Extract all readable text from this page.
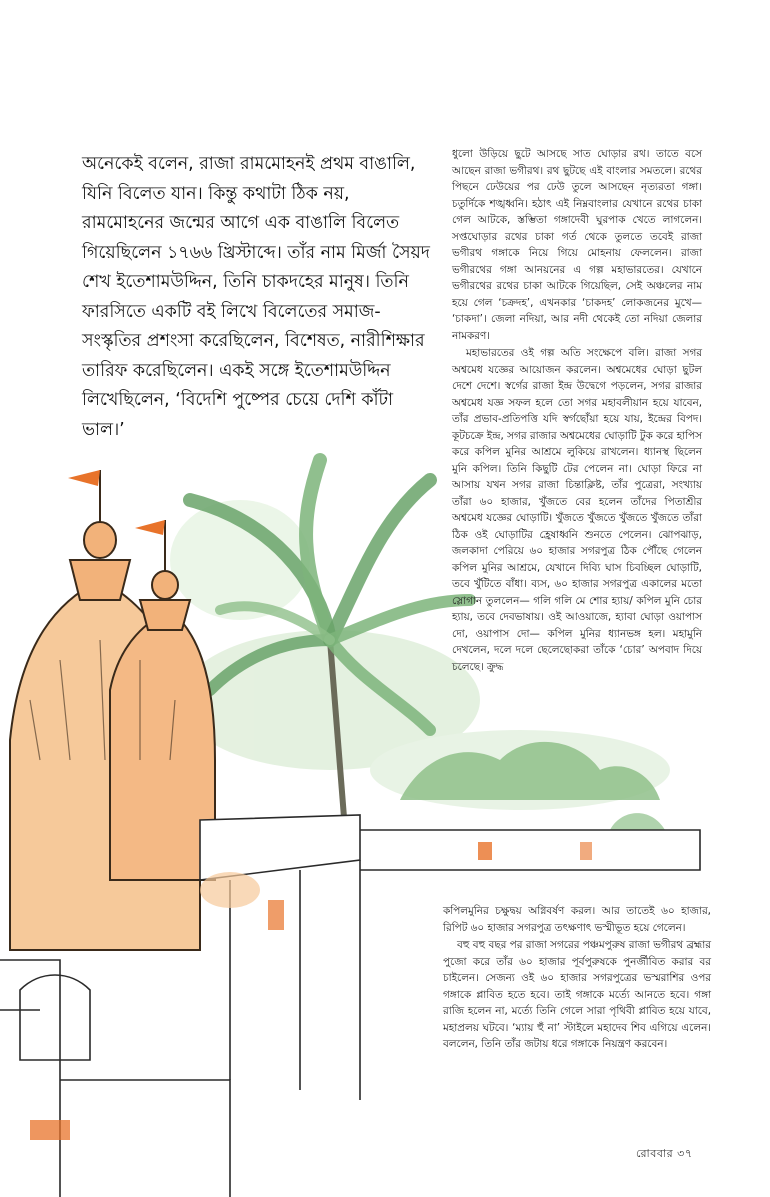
অনেকেই বলেন, রাজা রামমোহনই প্রথম বাঙালি, যিনি বিলেত যান। কিন্তু কথাটা ঠিক নয়, রামমোহনের জন্মের আগে এক বাঙালি বিলেত গিয়েছিলেন ১৭৬৬ খ্রিস্টাব্দে। তাঁর নাম মির্জা সৈয়দ শেখ ইতেশামউদ্দিন, তিনি চাকদহের মানুষ। তিনি ফারসিতে একটি বই লিখে বিলেতের সমাজ-সংস্কৃতির প্রশংসা করেছিলেন, বিশেষত, নারীশিক্ষার তারিফ করেছিলেন। একই সঙ্গে ইতেশামউদ্দিন লিখেছিলেন, ‘বিদেশি পুষ্পের চেয়ে দেশি কাঁটা ভাল।’

ধুলো উড়িয়ে ছুটে আসছে সাত ঘোড়ার রথ। তাতে বসে আছেন রাজা ভগীরথ। রথ ছুটছে এই বাংলার সমতলে। রথের পিছনে ঢেউয়ের পর ঢেউ তুলে আসছেন নৃত্যরতা গঙ্গা। চতুর্দিকে শঙ্খধ্বনি। হঠাৎ এই নিম্নবাংলার যেখানে রথের চাকা গেল আটকে, স্তম্ভিতা গঙ্গাদেবী ঘুরপাক খেতে লাগলেন। সপ্তঘোড়ার রথের চাকা গর্ত থেকে তুলতে তবেই রাজা ভগীরথ গঙ্গাকে নিয়ে গিয়ে মোহনায় ফেললেন। রাজা ভগীরথের গঙ্গা আনয়নের এ গল্প মহাভারতের। যেখানে ভগীরথের রথের চাকা আটকে গিয়েছিল, সেই অঞ্চলের নাম হয়ে গেল ‘চক্রদহ’, এখনকার ‘চাকদহ’ লোকজনের মুখে— ‘চাকদা’। জেলা নদিয়া, আর নদী থেকেই তো নদিয়া জেলার নামকরণ।

মহাভারতের ওই গল্প অতি সংক্ষেপে বলি। রাজা সগর অশ্বমেধ যজ্ঞের আয়োজন করলেন। অশ্বমেধের ঘোড়া ছুটল দেশে দেশে। স্বর্গের রাজা ইন্দ্র উদ্বেগে পড়লেন, সগর রাজার অশ্বমেধ যজ্ঞ সফল হলে তো সগর মহাবলীয়ান হয়ে যাবেন, তাঁর প্রভাব-প্রতিপত্তি যদি স্বর্গছোঁয়া হয়ে যায়, ইন্দ্রের বিপদ। কূটচক্রে ইন্দ্র, সগর রাজার অশ্বমেধের ঘোড়াটি টুক করে হাপিস করে কপিল মুনির আশ্রমে লুকিয়ে রাখলেন। ধ্যানস্থ ছিলেন মুনি কপিল। তিনি কিছুটি টের পেলেন না। ঘোড়া ফিরে না আসায় যখন সগর রাজা চিন্তাক্লিষ্ট, তাঁর পুত্রেরা, সংখ্যায় তাঁরা ৬০ হাজার, খুঁজতে বের হলেন তাঁদের পিতাশ্রীর অশ্বমেধ যজ্ঞের ঘোড়াটি। খুঁজতে খুঁজতে খুঁজতে খুঁজতে তাঁরা ঠিক ওই ঘোড়াটির হ্রেষাধ্বনি শুনতে পেলেন। ঝোপঝাড়, জলকাদা পেরিয়ে ৬০ হাজার সগরপুত্র ঠিক পৌঁছে গেলেন কপিল মুনির আশ্রমে, যেখানে দিব্যি ঘাস চিবচ্ছিল ঘোড়াটি, তবে খুঁটিতে বাঁধা। ব্যস, ৬০ হাজার সগরপুত্র একালের মতো স্লোগান তুললেন— গলি গলি মে শোর হ্যায়/ কপিল মুনি চোর হ্যায়, তবে দেবভাষায়। ওই আওয়াজে, হ্যাবা ঘোড়া ওয়াপাস দো, ওয়াপাস দো— কপিল মুনির ধ্যানভঙ্গ হল। মহামুনি দেখলেন, দলে দলে ছেলেছোকরা তাঁকে ‘চোর’ অপবাদ দিয়ে চলেছে। ক্রুদ্ধ

কপিলমুনির চক্ষুদ্বয় অগ্নিবর্ষণ করল। আর তাতেই ৬০ হাজার, রিপিট ৬০ হাজার সগরপুত্র তৎক্ষণাৎ ভস্মীভূত হয়ে গেলেন।

বহু বহু বছর পর রাজা সগরের পঞ্চমপুরুষ রাজা ভগীরথ ব্রহ্মার পুজো করে তাঁর ৬০ হাজার পূর্বপুরুষকে পুনর্জীবিত করার বর চাইলেন। সেজন্য ওই ৬০ হাজার সগরপুত্রের ভস্মরাশির ওপর গঙ্গাকে প্লাবিত হতে হবে। তাই গঙ্গাকে মর্ত্যে আনতে হবে। গঙ্গা রাজি হলেন না, মর্ত্যে তিনি গেলে সারা পৃথিবী প্লাবিত হয়ে যাবে, মহাপ্রলয় ঘটবে। ‘ম্যায় হুঁ না’ স্টাইলে মহাদেব শিব এগিয়ে এলেন। বললেন, তিনি তাঁর জটায় ধরে গঙ্গাকে নিয়ন্ত্রণ করবেন।

রোববার ৩৭
